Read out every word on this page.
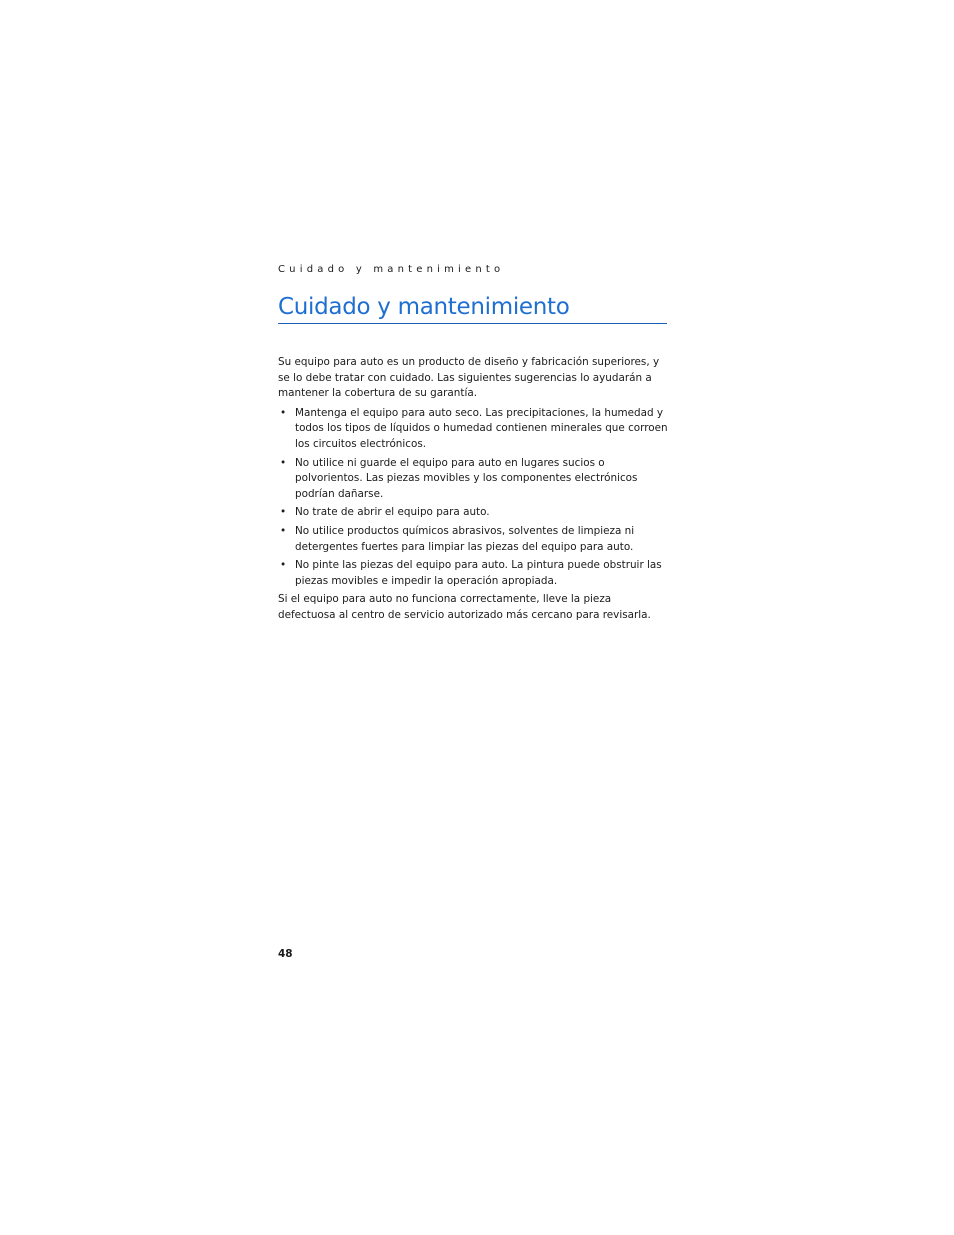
Cuidado y mantenimiento
Cuidado y mantenimiento

Su equipo para auto es un producto de diseño y fabricación superiores, y se lo debe tratar con cuidado. Las siguientes sugerencias lo ayudarán a mantener la cobertura de su garantía.

• Mantenga el equipo para auto seco. Las precipitaciones, la humedad y todos los tipos de líquidos o humedad contienen minerales que corroen los circuitos electrónicos.
• No utilice ni guarde el equipo para auto en lugares sucios o polvorientos. Las piezas movibles y los componentes electrónicos podrían dañarse.
• No trate de abrir el equipo para auto.
• No utilice productos químicos abrasivos, solventes de limpieza ni detergentes fuertes para limpiar las piezas del equipo para auto.
• No pinte las piezas del equipo para auto. La pintura puede obstruir las piezas movibles e impedir la operación apropiada.

Si el equipo para auto no funciona correctamente, lleve la pieza defectuosa al centro de servicio autorizado más cercano para revisarla.

48
